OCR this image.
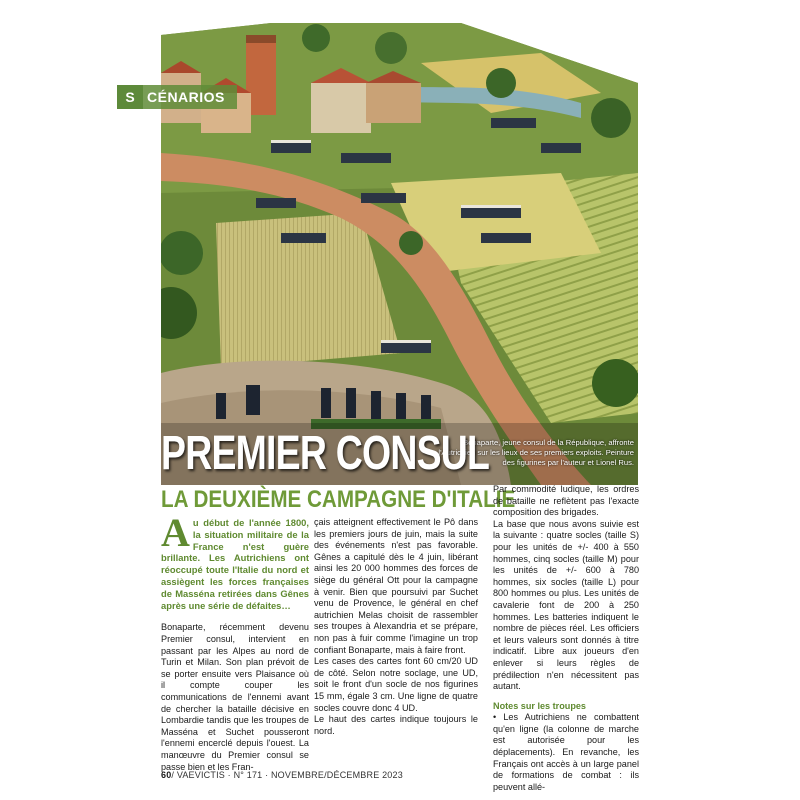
S CÉNARIOS
Bonaparte, jeune consul de la République, affronte l'Autrichien sur les lieux de ses premiers exploits. Peinture des figurines par l'auteur et Lionel Rus.
PREMIER CONSUL
LA DEUXIÈME CAMPAGNE D'ITALIE

Au début de l'année 1800, la situation militaire de la France n'est guère brillante. Les Autrichiens ont réoccupé toute l'Italie du nord et assiègent les forces françaises de Masséna retirées dans Gênes après une série de défaites…

Bonaparte, récemment devenu Premier consul, intervient en passant par les Alpes au nord de Turin et Milan. Son plan prévoit de se porter ensuite vers Plaisance où il compte couper les communications de l'ennemi avant de chercher la bataille décisive en Lombardie tandis que les troupes de Masséna et Suchet pousseront l'ennemi encerclé depuis l'ouest. La manœuvre du Premier consul se passe bien et les Fran-

çais atteignent effectivement le Pô dans les premiers jours de juin, mais la suite des événements n'est pas favorable. Gênes a capitulé dès le 4 juin, libérant ainsi les 20 000 hommes des forces de siège du général Ott pour la campagne à venir. Bien que poursuivi par Suchet venu de Provence, le général en chef autrichien Melas choisit de rassembler ses troupes à Alexandria et se prépare, non pas à fuir comme l'imagine un trop confiant Bonaparte, mais à faire front.

Les cases des cartes font 60 cm/20 UD de côté. Selon notre soclage, une UD, soit le front d'un socle de nos figurines 15 mm, égale 3 cm. Une ligne de quatre socles couvre donc 4 UD.

Le haut des cartes indique toujours le nord.

Par commodité ludique, les ordres de bataille ne reflètent pas l'exacte composition des brigades.

La base que nous avons suivie est la suivante : quatre socles (taille S) pour les unités de +/- 400 à 550 hommes, cinq socles (taille M) pour les unités de +/- 600 à 780 hommes, six socles (taille L) pour 800 hommes ou plus. Les unités de cavalerie font de 200 à 250 hommes. Les batteries indiquent le nombre de pièces réel. Les officiers et leurs valeurs sont donnés à titre indicatif. Libre aux joueurs d'en enlever si leurs règles de prédilection n'en nécessitent pas autant.

Notes sur les troupes

• Les Autrichiens ne combattent qu'en ligne (la colonne de marche est autorisée pour les déplacements). En revanche, les Français ont accès à un large panel de formations de combat : ils peuvent allé-

60/ VAEVICTIS · N° 171 · NOVEMBRE/DÉCEMBRE 2023
